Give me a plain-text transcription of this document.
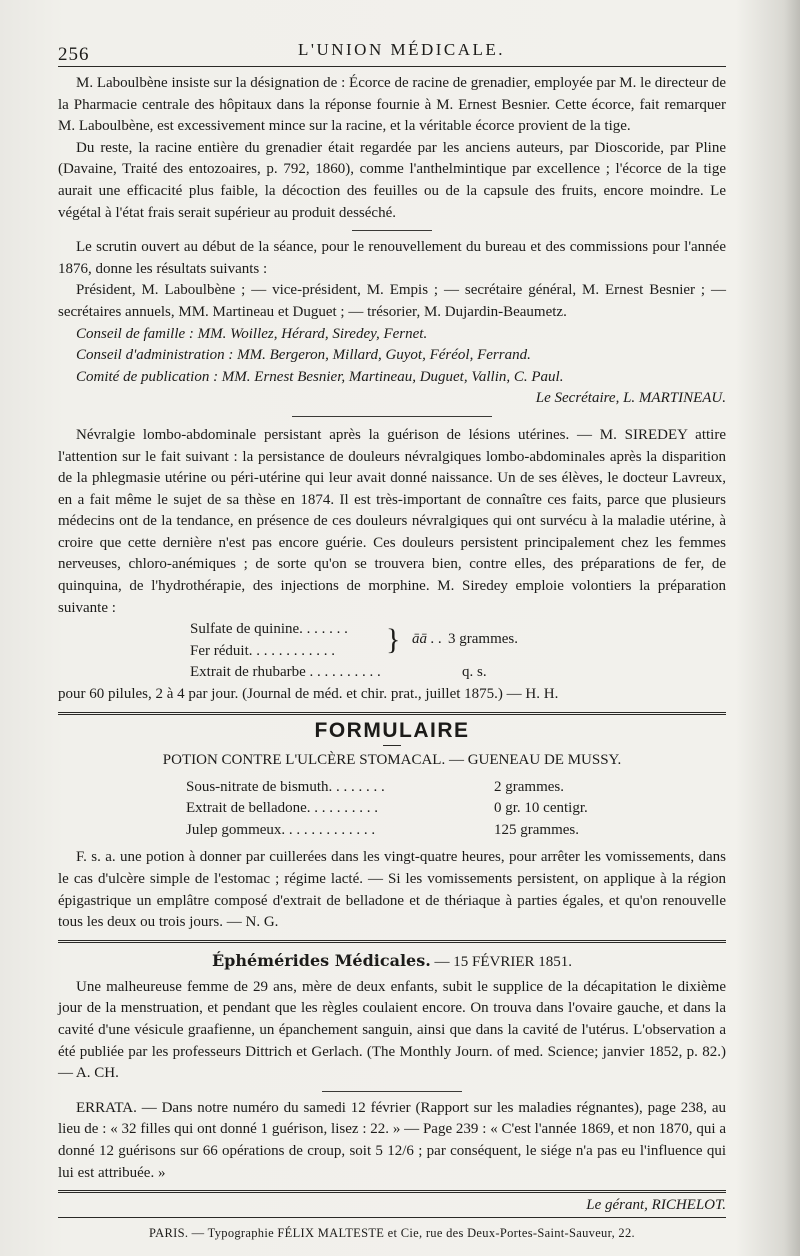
256	L'UNION MÉDICALE.

M. Laboulbène insiste sur la désignation de : Écorce de racine de grenadier, employée par M. le directeur de la Pharmacie centrale des hôpitaux dans la réponse fournie à M. Ernest Besnier. Cette écorce, fait remarquer M. Laboulbène, est excessivement mince sur la racine, et la véritable écorce provient de la tige.

Du reste, la racine entière du grenadier était regardée par les anciens auteurs, par Dioscoride, par Pline (Davaine, Traité des entozoaires, p. 792, 1860), comme l'anthelmintique par excellence ; l'écorce de la tige aurait une efficacité plus faible, la décoction des feuilles ou de la capsule des fruits, encore moindre. Le végétal à l'état frais serait supérieur au produit desséché.

Le scrutin ouvert au début de la séance, pour le renouvellement du bureau et des commissions pour l'année 1876, donne les résultats suivants :

Président, M. Laboulbène ; — vice-président, M. Empis ; — secrétaire général, M. Ernest Besnier ; — secrétaires annuels, MM. Martineau et Duguet ; — trésorier, M. Dujardin-Beaumetz.

Conseil de famille : MM. Woillez, Hérard, Siredey, Fernet.

Conseil d'administration : MM. Bergeron, Millard, Guyot, Féréol, Ferrand.

Comité de publication : MM. Ernest Besnier, Martineau, Duguet, Vallin, C. Paul.

Le Secrétaire, L. MARTINEAU.

Névralgie lombo-abdominale persistant après la guérison de lésions utérines. — M. SIREDEY attire l'attention sur le fait suivant : la persistance de douleurs névralgiques lombo-abdominales après la disparition de la phlegmasie utérine ou péri-utérine qui leur avait donné naissance. Un de ses élèves, le docteur Lavreux, en a fait même le sujet de sa thèse en 1874. Il est très-important de connaître ces faits, parce que plusieurs médecins ont de la tendance, en présence de ces douleurs névralgiques qui ont survécu à la maladie utérine, à croire que cette dernière n'est pas encore guérie. Ces douleurs persistent principalement chez les femmes nerveuses, chloro-anémiques ; de sorte qu'on se trouvera bien, contre elles, des préparations de fer, de quinquina, de l'hydrothérapie, des injections de morphine. M. Siredey emploie volontiers la préparation suivante :

Sulfate de quinine. . . . . . . } āā . . 3 grammes.
Fer réduit. . . . . . . . . . . .
Extrait de rhubarbe . . . . . . . . . .	q. s.

pour 60 pilules, 2 à 4 par jour. (Journal de méd. et chir. prat., juillet 1875.) — H. H.

FORMULAIRE
POTION CONTRE L'ULCÈRE STOMACAL. — GUENEAU DE MUSSY.
Sous-nitrate de bismuth. . . . . . . .	2 grammes.
Extrait de belladone. . . . . . . . . .	0 gr. 10 centigr.
Julep gommeux. . . . . . . . . . . . .	125 grammes.

F. s. a. une potion à donner par cuillerées dans les vingt-quatre heures, pour arrêter les vomissements, dans le cas d'ulcère simple de l'estomac ; régime lacté. — Si les vomissements persistent, on applique à la région épigastrique un emplâtre composé d'extrait de belladone et de thériaque à parties égales, et qu'on renouvelle tous les deux ou trois jours. — N. G.

Éphémérides Médicales. — 15 FÉVRIER 1851.

Une malheureuse femme de 29 ans, mère de deux enfants, subit le supplice de la décapitation le dixième jour de la menstruation, et pendant que les règles coulaient encore. On trouva dans l'ovaire gauche, et dans la cavité d'une vésicule graafienne, un épanchement sanguin, ainsi que dans la cavité de l'utérus. L'observation a été publiée par les professeurs Dittrich et Gerlach. (The Monthly Journ. of med. Science; janvier 1852, p. 82.) — A. CH.

ERRATA. — Dans notre numéro du samedi 12 février (Rapport sur les maladies régnantes), page 238, au lieu de : « 32 filles qui ont donné 1 guérison, lisez : 22. » — Page 239 : « C'est l'année 1869, et non 1870, qui a donné 12 guérisons sur 66 opérations de croup, soit 5 12/6 ; par conséquent, le siége n'a pas eu l'influence qui lui est attribuée. »

Le gérant, RICHELOT.

PARIS. — Typographie FÉLIX MALTESTE et Cie, rue des Deux-Portes-Saint-Sauveur, 22.
